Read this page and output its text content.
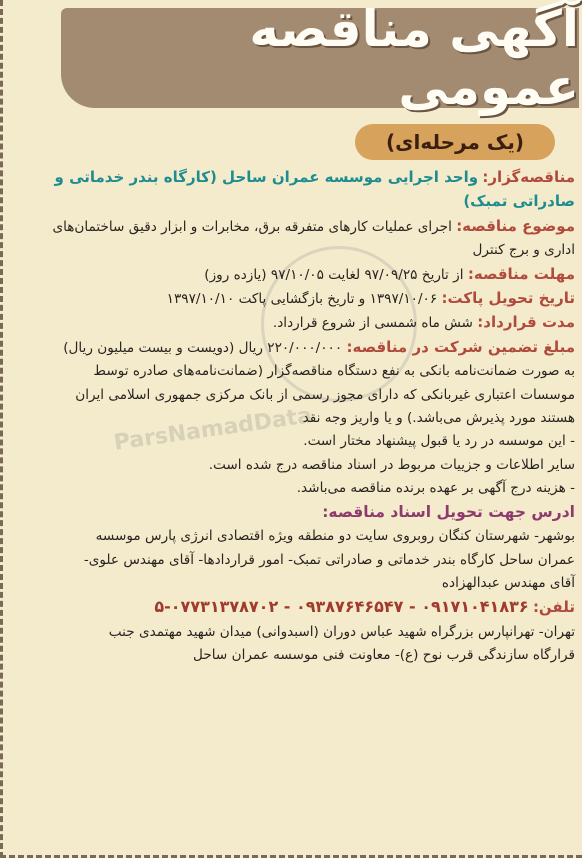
آگهی مناقصه عمومی
(یک مرحله‌ای)
ParsNamadData

مناقصه‌گزار: واحد اجرایی موسسه عمران ساحل (کارگاه بندر خدماتی و

صادراتی تمبک)

موضوع مناقصه: اجرای عملیات کارهای متفرقه برق، مخابرات و ابزار دقیق ساختمان‌های

اداری و برج کنترل

مهلت مناقصه: از تاریخ ۹۷/۰۹/۲۵ لغایت ۹۷/۱۰/۰۵ (یازده روز)

تاریخ تحویل پاکت: ۱۳۹۷/۱۰/۰۶ و تاریخ بازگشایی پاکت ۱۳۹۷/۱۰/۱۰

مدت قرارداد: شش ماه شمسی از شروع قرارداد.

مبلغ تضمین شرکت در مناقصه: ۲۲۰/۰۰۰/۰۰۰ ریال (دویست و بیست میلیون ریال)

به صورت ضمانت‌نامه بانکی به نفع دستگاه مناقصه‌گزار (ضمانت‌نامه‌های صادره توسط

موسسات اعتباری غیربانکی که دارای مجوز رسمی از بانک مرکزی جمهوری اسلامی ایران

هستند مورد پذیرش می‌باشد.) و یا واریز وجه نقد

- این موسسه در رد یا قبول پیشنهاد مختار است.

سایر اطلاعات و جزییات مربوط در اسناد مناقصه درج شده است.

- هزینه درج آگهی بر عهده برنده مناقصه می‌باشد.

ادرس جهت تحویل اسناد مناقصه:

بوشهر- شهرستان کنگان روبروی سایت دو منطقه ویژه اقتصادی انرژی پارس موسسه

عمران ساحل کارگاه بندر خدماتی و صادراتی تمبک- امور قراردادها- آقای مهندس علوی-

آقای مهندس عبدالهزاده

تلفن: ۰۹۱۷۱۰۴۱۸۳۶ - ۰۹۳۸۷۶۴۶۵۴۷ - ۰۷۷۳۱۳۷۸۷۰۲-۵

تهران- تهرانپارس بزرگراه شهید عباس دوران (اسبدوانی) میدان شهید مهتمدی جنب

قرارگاه سازندگی قرب نوح (ع)- معاونت فنی موسسه عمران ساحل
